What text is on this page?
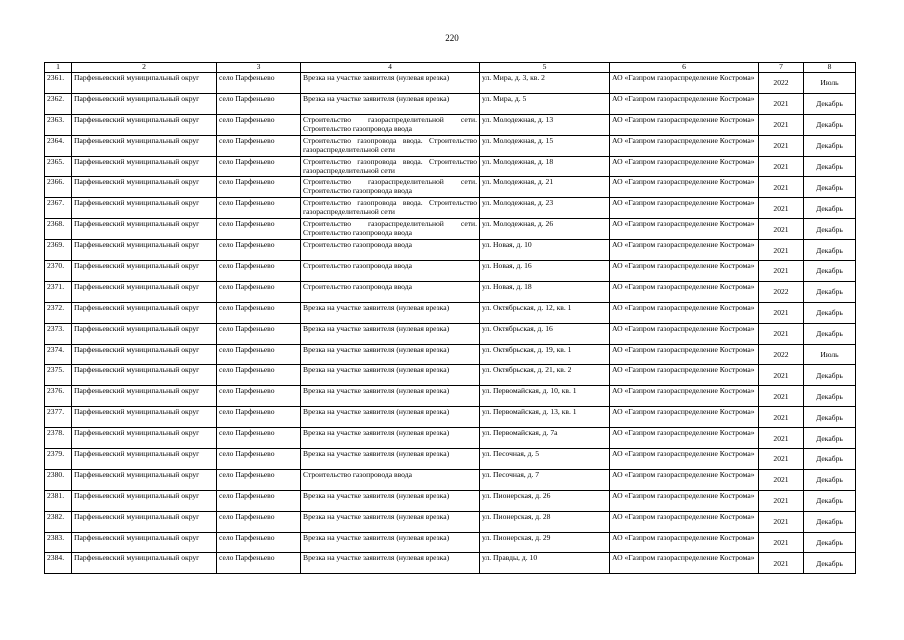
220
1	2	3	4	5	6	7	8
2361.	Парфеньевский муниципальный округ	село Парфеньево	Врезка на участке заявителя (нулевая врезка)	ул. Мира, д. 3, кв. 2	АО «Газпром газораспределение Кострома»	2022	Июль
2362.	Парфеньевский муниципальный округ	село Парфеньево	Врезка на участке заявителя (нулевая врезка)	ул. Мира, д. 5	АО «Газпром газораспределение Кострома»	2021	Декабрь
2363.	Парфеньевский муниципальный округ	село Парфеньево	Строительство газораспределительной сети. Строительство газопровода ввода	ул. Молодежная, д. 13	АО «Газпром газораспределение Кострома»	2021	Декабрь
2364.	Парфеньевский муниципальный округ	село Парфеньево	Строительство газопровода ввода. Строительство газораспределительной сети	ул. Молодежная, д. 15	АО «Газпром газораспределение Кострома»	2021	Декабрь
2365.	Парфеньевский муниципальный округ	село Парфеньево	Строительство газопровода ввода. Строительство газораспределительной сети	ул. Молодежная, д. 18	АО «Газпром газораспределение Кострома»	2021	Декабрь
2366.	Парфеньевский муниципальный округ	село Парфеньево	Строительство газораспределительной сети. Строительство газопровода ввода	ул. Молодежная, д. 21	АО «Газпром газораспределение Кострома»	2021	Декабрь
2367.	Парфеньевский муниципальный округ	село Парфеньево	Строительство газопровода ввода. Строительство газораспределительной сети	ул. Молодежная, д. 23	АО «Газпром газораспределение Кострома»	2021	Декабрь
2368.	Парфеньевский муниципальный округ	село Парфеньево	Строительство газораспределительной сети. Строительство газопровода ввода	ул. Молодежная, д. 26	АО «Газпром газораспределение Кострома»	2021	Декабрь
2369.	Парфеньевский муниципальный округ	село Парфеньево	Строительство газопровода ввода	ул. Новая, д. 10	АО «Газпром газораспределение Кострома»	2021	Декабрь
2370.	Парфеньевский муниципальный округ	село Парфеньево	Строительство газопровода ввода	ул. Новая, д. 16	АО «Газпром газораспределение Кострома»	2021	Декабрь
2371.	Парфеньевский муниципальный округ	село Парфеньево	Строительство газопровода ввода	ул. Новая, д. 18	АО «Газпром газораспределение Кострома»	2022	Декабрь
2372.	Парфеньевский муниципальный округ	село Парфеньево	Врезка на участке заявителя (нулевая врезка)	ул. Октябрьская, д. 12, кв. 1	АО «Газпром газораспределение Кострома»	2021	Декабрь
2373.	Парфеньевский муниципальный округ	село Парфеньево	Врезка на участке заявителя (нулевая врезка)	ул. Октябрьская, д. 16	АО «Газпром газораспределение Кострома»	2021	Декабрь
2374.	Парфеньевский муниципальный округ	село Парфеньево	Врезка на участке заявителя (нулевая врезка)	ул. Октябрьская, д. 19, кв. 1	АО «Газпром газораспределение Кострома»	2022	Июль
2375.	Парфеньевский муниципальный округ	село Парфеньево	Врезка на участке заявителя (нулевая врезка)	ул. Октябрьская, д. 21, кв. 2	АО «Газпром газораспределение Кострома»	2021	Декабрь
2376.	Парфеньевский муниципальный округ	село Парфеньево	Врезка на участке заявителя (нулевая врезка)	ул. Первомайская, д. 10, кв. 1	АО «Газпром газораспределение Кострома»	2021	Декабрь
2377.	Парфеньевский муниципальный округ	село Парфеньево	Врезка на участке заявителя (нулевая врезка)	ул. Первомайская, д. 13, кв. 1	АО «Газпром газораспределение Кострома»	2021	Декабрь
2378.	Парфеньевский муниципальный округ	село Парфеньево	Врезка на участке заявителя (нулевая врезка)	ул. Первомайская, д. 7а	АО «Газпром газораспределение Кострома»	2021	Декабрь
2379.	Парфеньевский муниципальный округ	село Парфеньево	Врезка на участке заявителя (нулевая врезка)	ул. Песочная, д. 5	АО «Газпром газораспределение Кострома»	2021	Декабрь
2380.	Парфеньевский муниципальный округ	село Парфеньево	Строительство газопровода ввода	ул. Песочная, д. 7	АО «Газпром газораспределение Кострома»	2021	Декабрь
2381.	Парфеньевский муниципальный округ	село Парфеньево	Врезка на участке заявителя (нулевая врезка)	ул. Пионерская, д. 26	АО «Газпром газораспределение Кострома»	2021	Декабрь
2382.	Парфеньевский муниципальный округ	село Парфеньево	Врезка на участке заявителя (нулевая врезка)	ул. Пионерская, д. 28	АО «Газпром газораспределение Кострома»	2021	Декабрь
2383.	Парфеньевский муниципальный округ	село Парфеньево	Врезка на участке заявителя (нулевая врезка)	ул. Пионерская, д. 29	АО «Газпром газораспределение Кострома»	2021	Декабрь
2384.	Парфеньевский муниципальный округ	село Парфеньево	Врезка на участке заявителя (нулевая врезка)	ул. Правды, д. 10	АО «Газпром газораспределение Кострома»	2021	Декабрь
